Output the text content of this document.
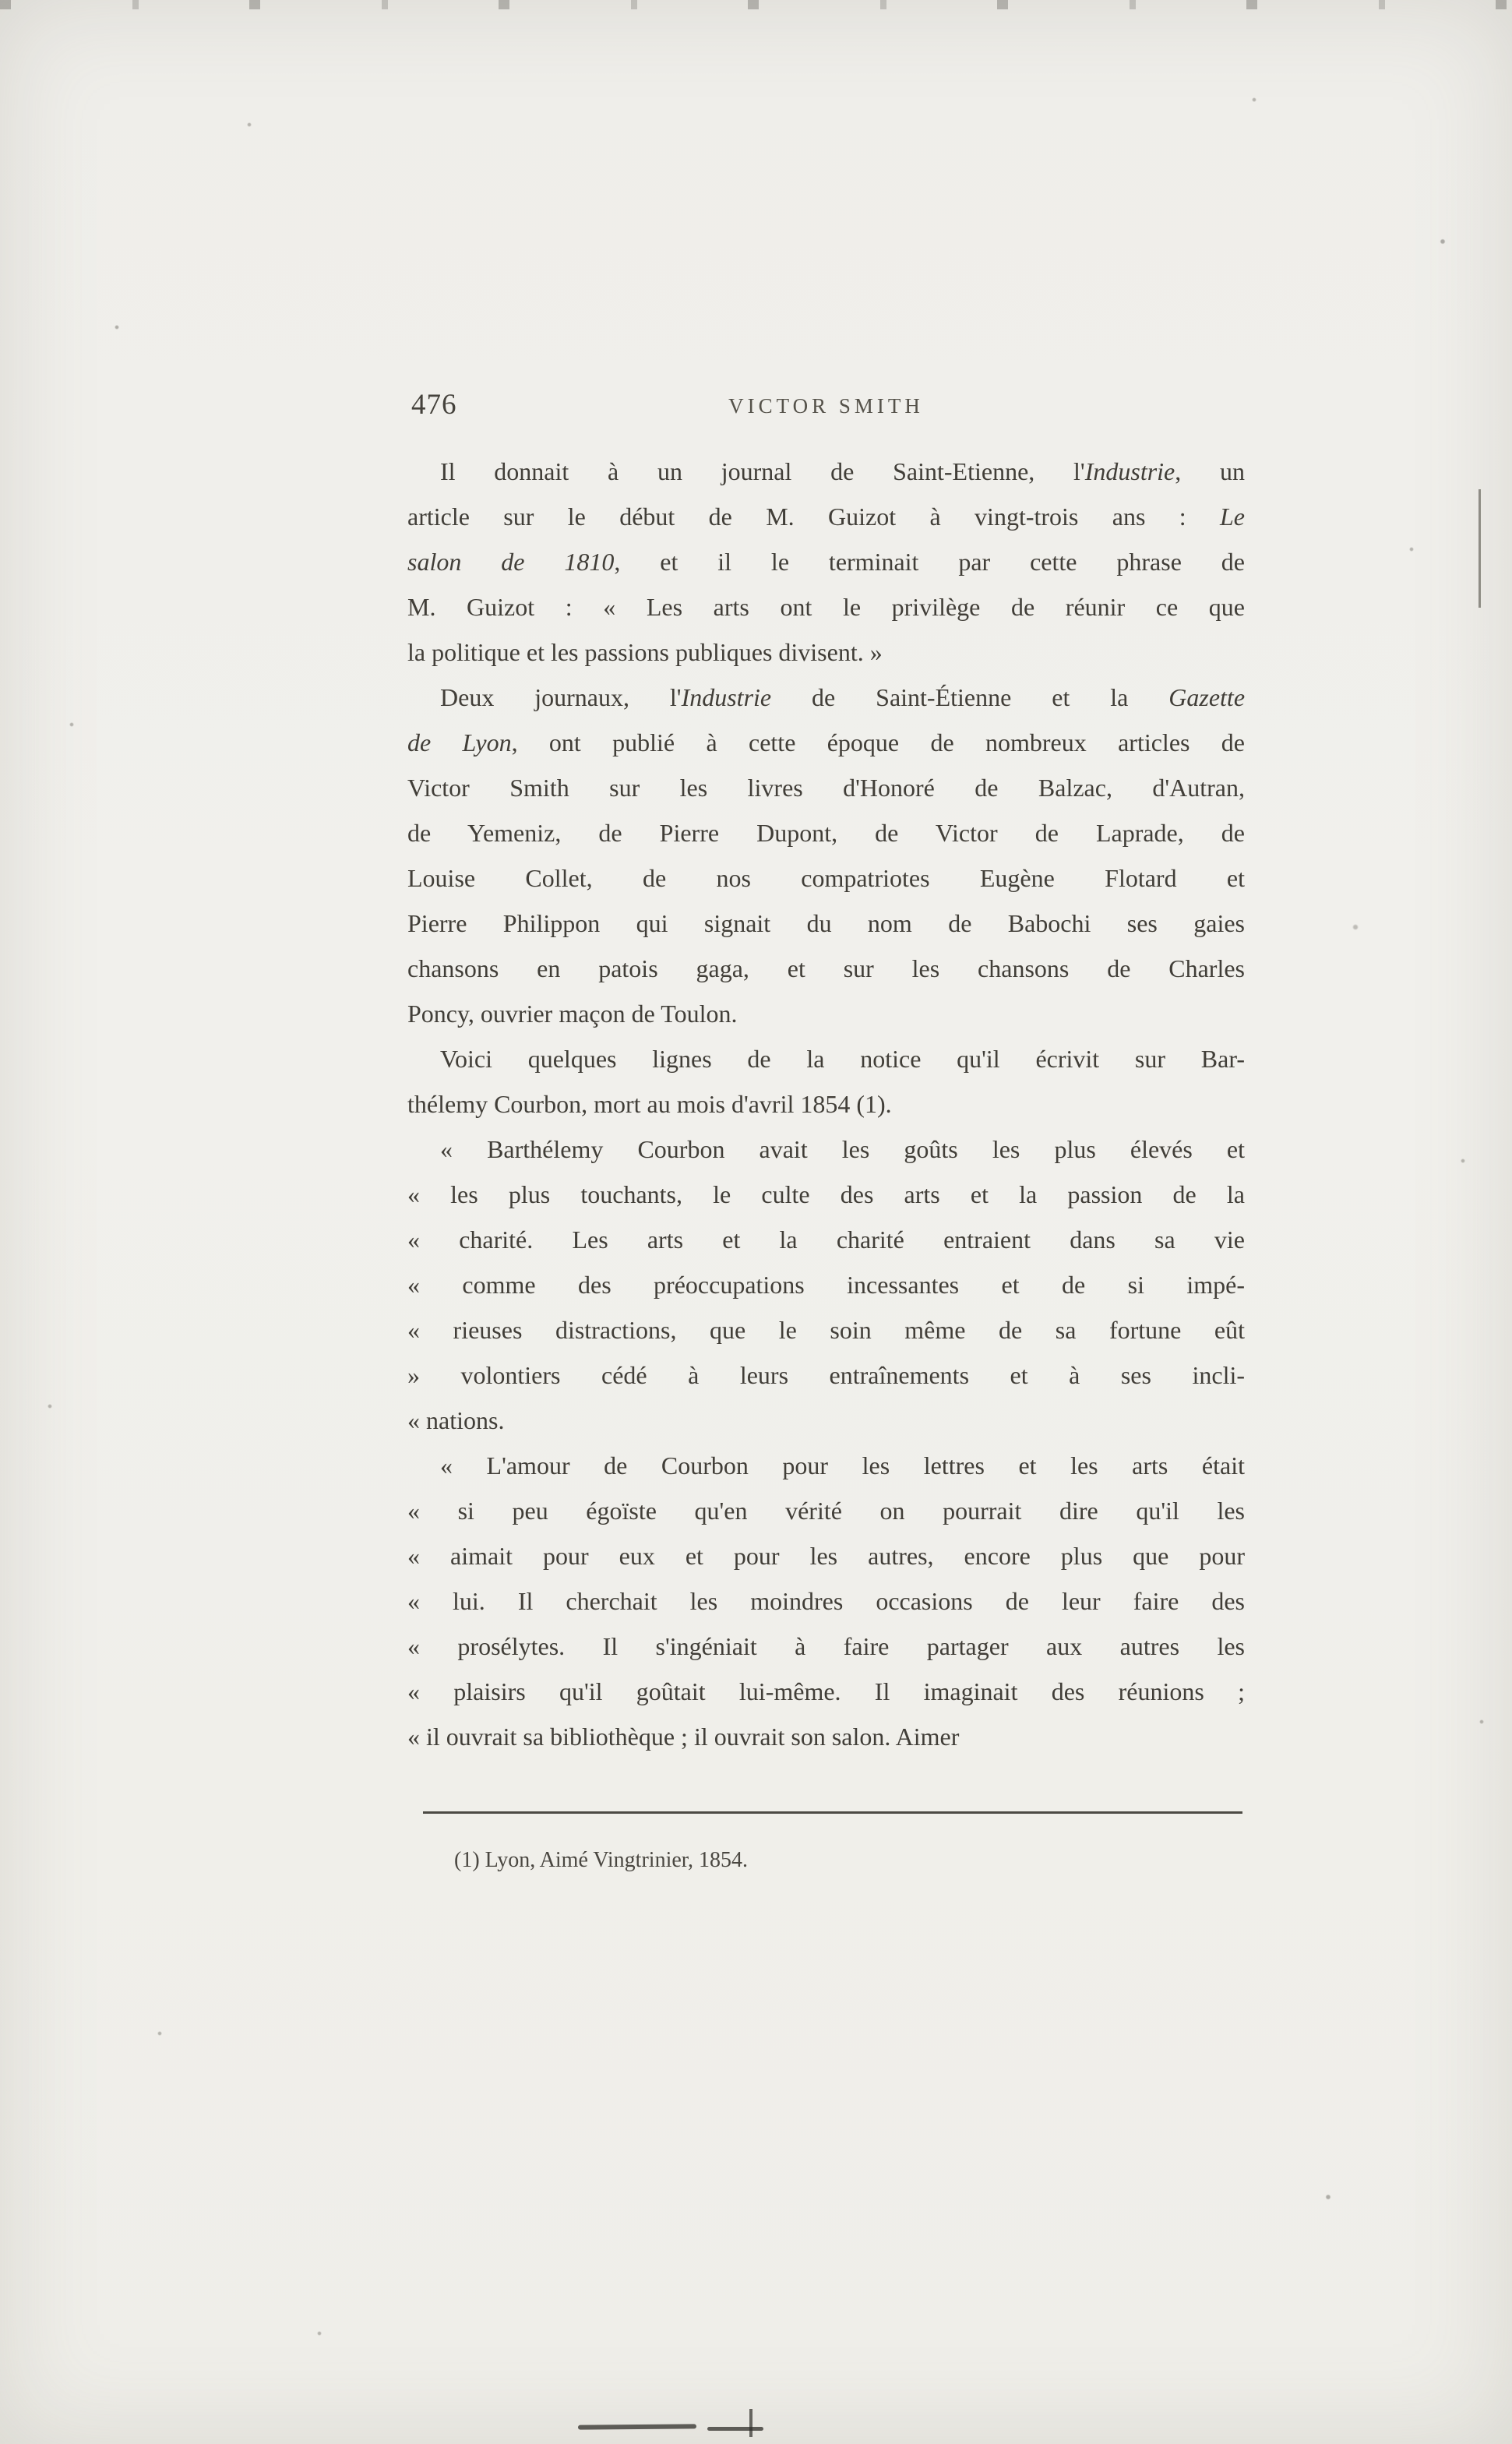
476	VICTOR SMITH
Il donnait à un journal de Saint-Etienne, l'Industrie, un
article sur le début de M. Guizot à vingt-trois ans : Le
salon de 1810, et il le terminait par cette phrase de
M. Guizot : « Les arts ont le privilège de réunir ce que
la politique et les passions publiques divisent. »
Deux journaux, l'Industrie de Saint-Étienne et la Gazette
de Lyon, ont publié à cette époque de nombreux articles de
Victor Smith sur les livres d'Honoré de Balzac, d'Autran,
de Yemeniz, de Pierre Dupont, de Victor de Laprade, de
Louise Collet, de nos compatriotes Eugène Flotard et
Pierre Philippon qui signait du nom de Babochi ses gaies
chansons en patois gaga, et sur les chansons de Charles
Poncy, ouvrier maçon de Toulon.
Voici quelques lignes de la notice qu'il écrivit sur Bar-
thélemy Courbon, mort au mois d'avril 1854 (1).
« Barthélemy Courbon avait les goûts les plus élevés et
« les plus touchants, le culte des arts et la passion de la
« charité. Les arts et la charité entraient dans sa vie
« comme des préoccupations incessantes et de si impé-
« rieuses distractions, que le soin même de sa fortune eût
» volontiers cédé à leurs entraînements et à ses incli-
« nations.
« L'amour de Courbon pour les lettres et les arts était
« si peu égoïste qu'en vérité on pourrait dire qu'il les
« aimait pour eux et pour les autres, encore plus que pour
« lui. Il cherchait les moindres occasions de leur faire des
« prosélytes. Il s'ingéniait à faire partager aux autres les
« plaisirs qu'il goûtait lui-même. Il imaginait des réunions ;
« il ouvrait sa bibliothèque ; il ouvrait son salon. Aimer
(1) Lyon, Aimé Vingtrinier, 1854.
